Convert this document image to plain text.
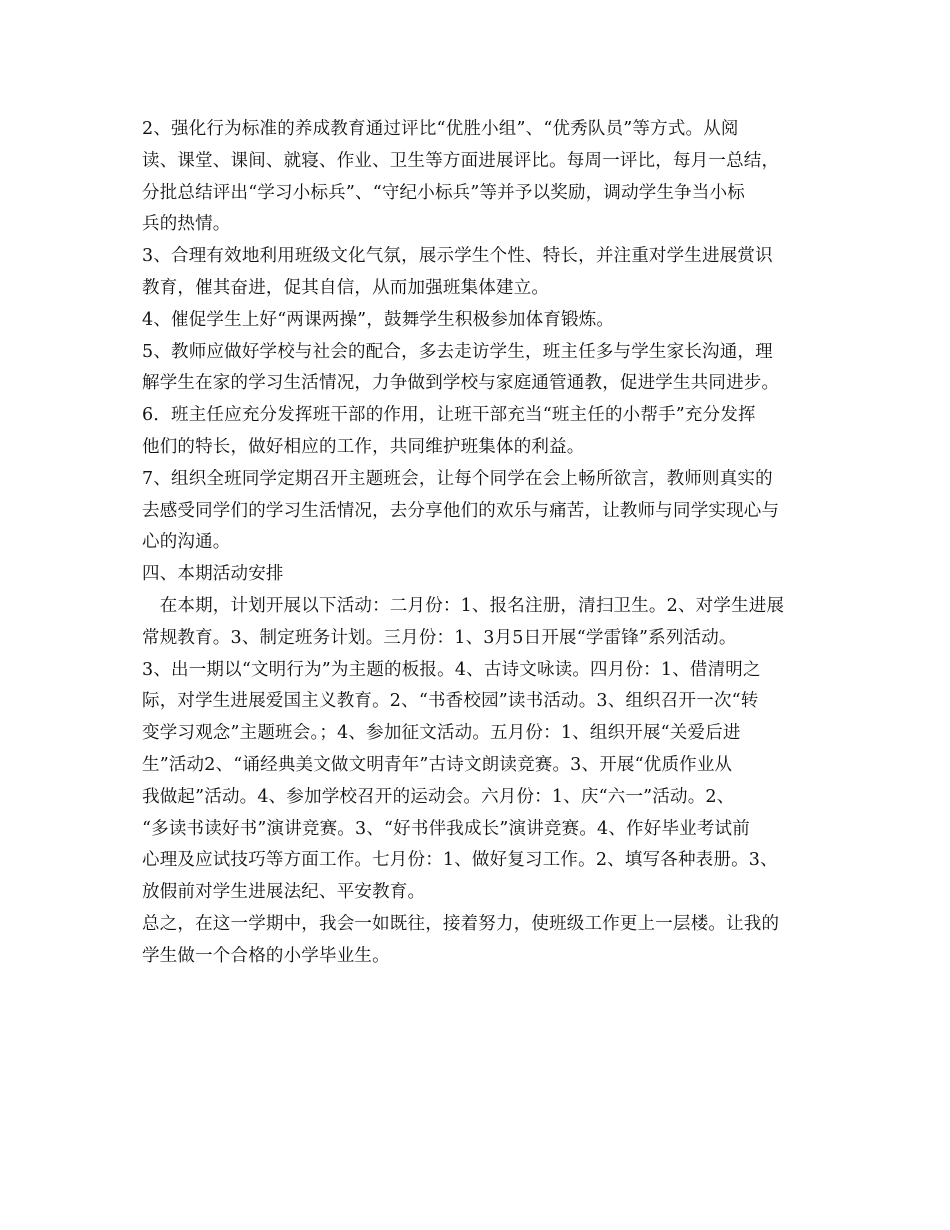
2、强化行为标准的养成教育通过评比“优胜小组”、“优秀队员”等方式。从阅
读、课堂、课间、就寝、作业、卫生等方面进展评比。每周一评比，每月一总结，
分批总结评出“学习小标兵”、“守纪小标兵”等并予以奖励，调动学生争当小标
兵的热情。
3、合理有效地利用班级文化气氛，展示学生个性、特长，并注重对学生进展赏识
教育，催其奋进，促其自信，从而加强班集体建立。
4、催促学生上好“两课两操”，鼓舞学生积极参加体育锻炼。
5、教师应做好学校与社会的配合，多去走访学生，班主任多与学生家长沟通，理
解学生在家的学习生活情况，力争做到学校与家庭通管通教，促进学生共同进步。
6．班主任应充分发挥班干部的作用，让班干部充当“班主任的小帮手”充分发挥
他们的特长，做好相应的工作，共同维护班集体的利益。
7、组织全班同学定期召开主题班会，让每个同学在会上畅所欲言，教师则真实的
去感受同学们的学习生活情况，去分享他们的欢乐与痛苦，让教师与同学实现心与
心的沟通。
四、本期活动安排
　在本期，计划开展以下活动：二月份：1、报名注册，清扫卫生。2、对学生进展
常规教育。3、制定班务计划。三月份：1、3月5日开展“学雷锋”系列活动。
3、出一期以“文明行为”为主题的板报。4、古诗文咏读。四月份：1、借清明之
际，对学生进展爱国主义教育。2、“书香校园”读书活动。3、组织召开一次“转
变学习观念”主题班会。；4、参加征文活动。五月份：1、组织开展“关爱后进
生”活动2、“诵经典美文做文明青年”古诗文朗读竞赛。3、开展“优质作业从
我做起”活动。4、参加学校召开的运动会。六月份：1、庆“六一”活动。2、
“多读书读好书”演讲竞赛。3、“好书伴我成长”演讲竞赛。4、作好毕业考试前
心理及应试技巧等方面工作。七月份：1、做好复习工作。2、填写各种表册。3、
放假前对学生进展法纪、平安教育。
总之，在这一学期中，我会一如既往，接着努力，使班级工作更上一层楼。让我的
学生做一个合格的小学毕业生。
